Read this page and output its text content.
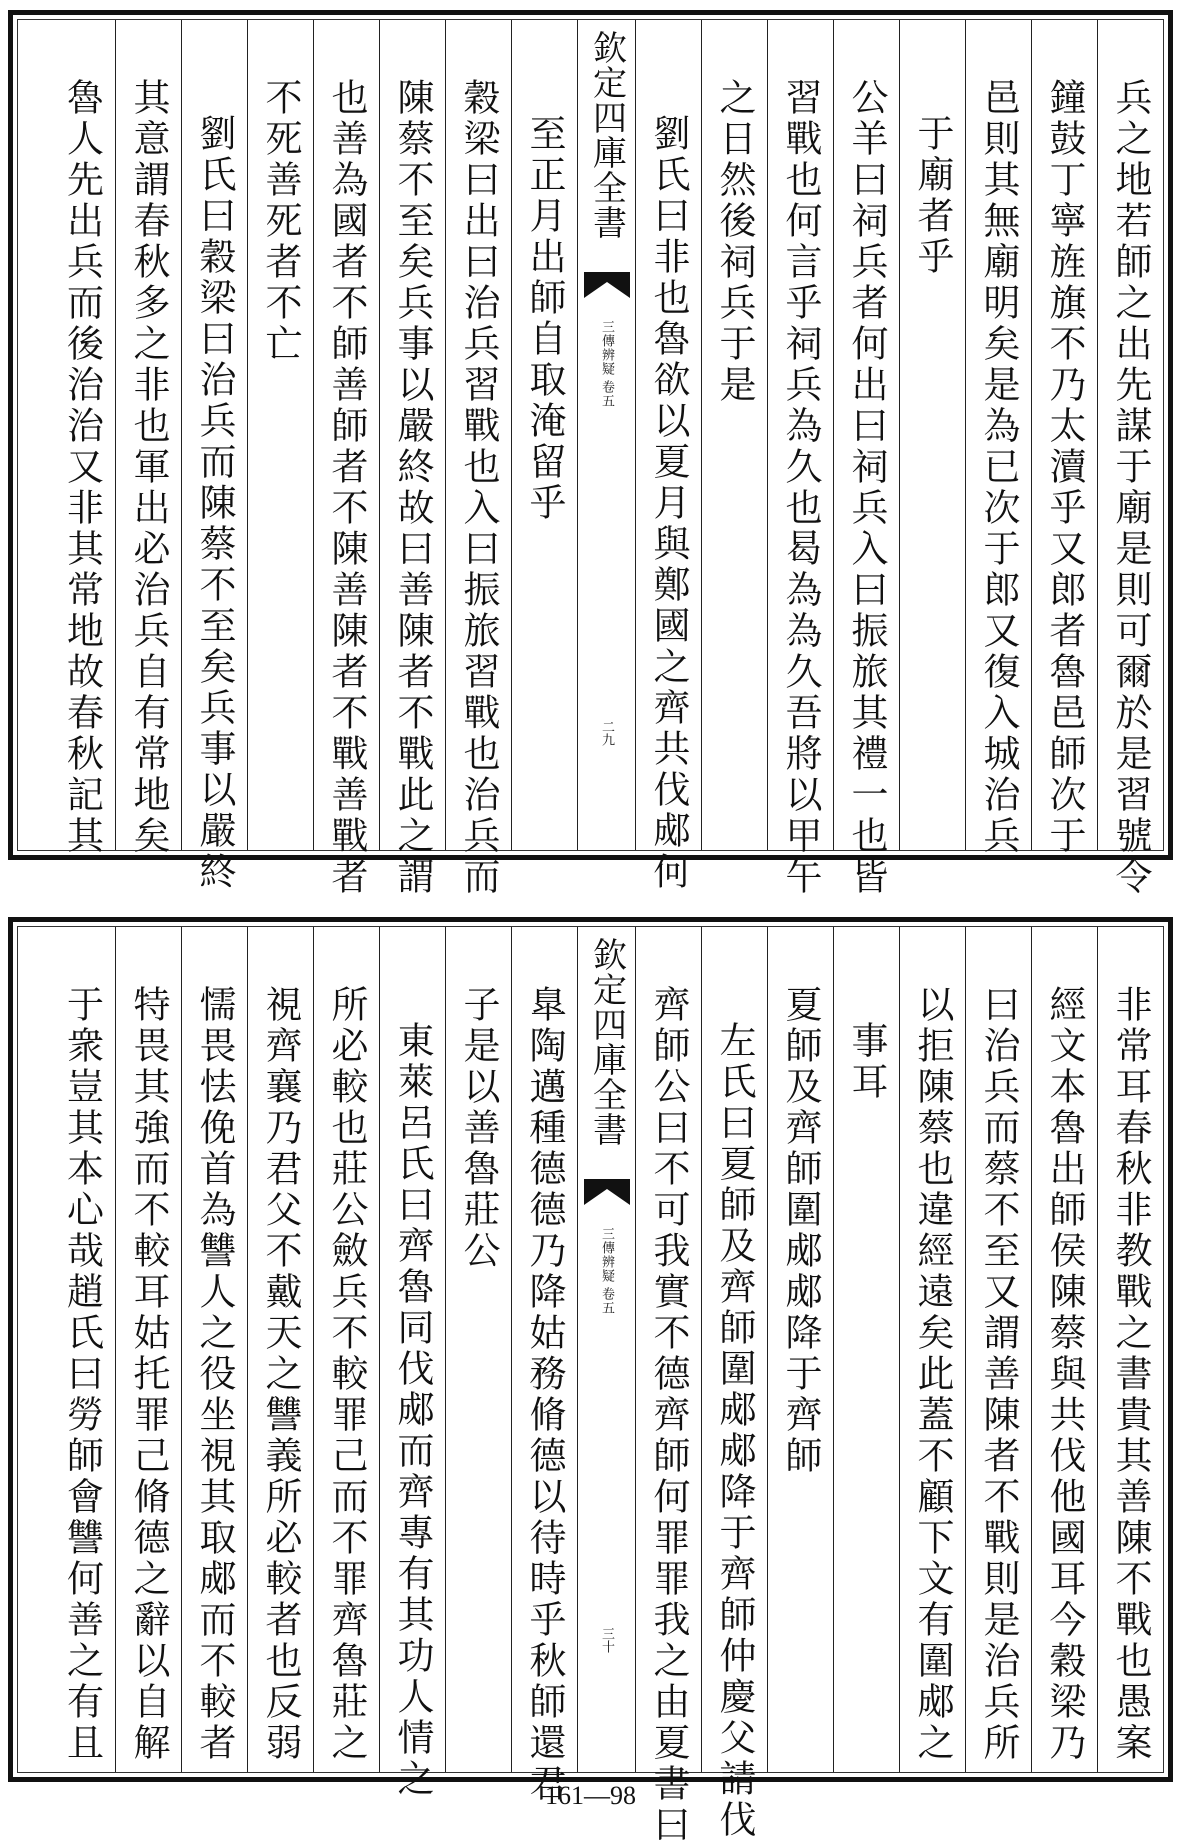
兵之地若師之出先謀于廟是則可爾於是習號令
鐘鼓丁寧旌旗不乃太瀆乎又郎者魯邑師次于
邑則其無廟明矣是為已次于郎又復入城治兵
于廟者乎
公羊曰祠兵者何出曰祠兵入曰振旅其禮一也皆
習戰也何言乎祠兵為久也曷為為久吾將以甲午
之日然後祠兵于是
劉氏曰非也魯欲以夏月與鄭國之齊共伐郕何
欽定四庫全書
三傳辨疑
卷五
二九
至正月出師自取淹留乎
穀梁曰出曰治兵習戰也入曰振旅習戰也治兵而
陳蔡不至矣兵事以嚴終故曰善陳者不戰此之謂
也善為國者不師善師者不陳善陳者不戰善戰者
不死善死者不亡
劉氏曰穀梁曰治兵而陳蔡不至矣兵事以嚴終
其意謂春秋多之非也軍出必治兵自有常地矣
魯人先出兵而後治治又非其常地故春秋記其
非常耳春秋非教戰之書貴其善陳不戰也愚案
經文本魯出師侯陳蔡與共伐他國耳今穀梁乃
曰治兵而蔡不至又謂善陳者不戰則是治兵所
以拒陳蔡也違經遠矣此蓋不顧下文有圍郕之
事耳
夏師及齊師圍郕郕降于齊師
左氏曰夏師及齊師圍郕郕降于齊師仲慶父請伐
齊師公曰不可我實不德齊師何罪罪我之由夏書曰
欽定四庫全書
三傳辨疑
卷五
三十
臯陶邁種德德乃降姑務脩德以待時乎秋師還君
子是以善魯莊公
東萊呂氏曰齊魯同伐郕而齊專有其功人情之
所必較也莊公斂兵不較罪己而不罪齊魯莊之
視齊襄乃君父不戴天之讐義所必較者也反弱
懦畏怯俛首為讐人之役坐視其取郕而不較者
特畏其強而不較耳姑托罪己脩德之辭以自解
于衆豈其本心哉趙氏曰勞師會讐何善之有且
161—98
